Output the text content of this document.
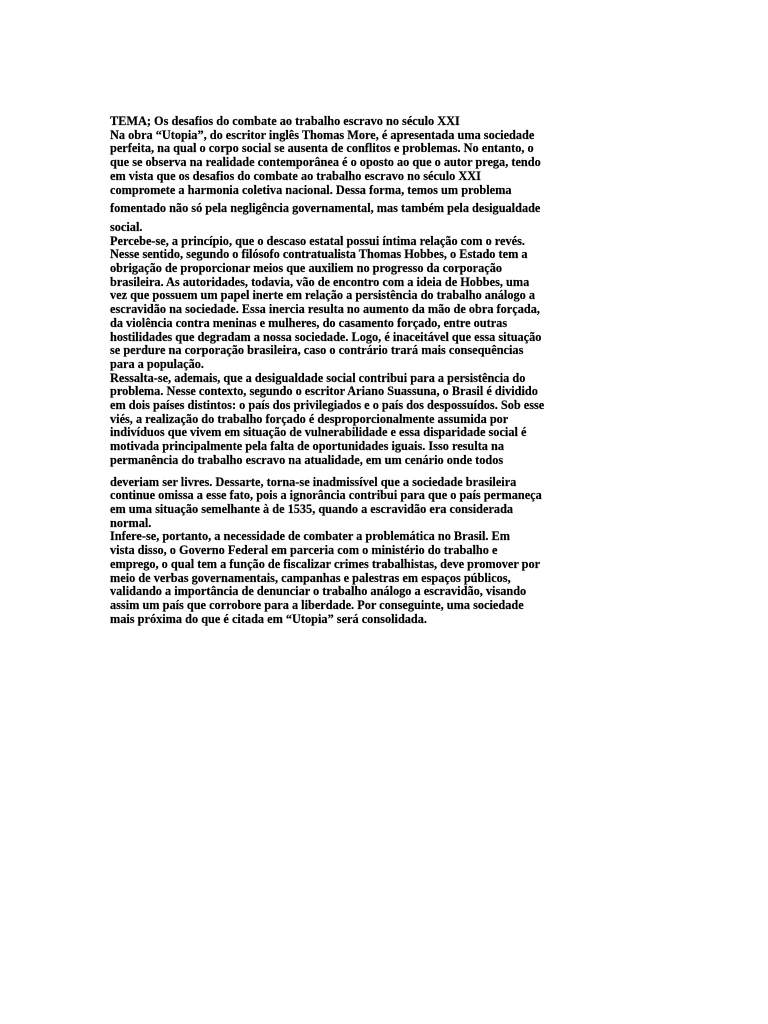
TEMA; Os desafios do combate ao trabalho escravo no século XXI
Na obra “Utopia”, do escritor inglês Thomas More, é apresentada uma sociedade
perfeita, na qual o corpo social se ausenta de conflitos e problemas. No entanto, o
que se observa na realidade contemporânea é o oposto ao que o autor prega, tendo
em vista que os desafios do combate ao trabalho escravo no século XXI
compromete a harmonia coletiva nacional. Dessa forma, temos um problema
fomentado não só pela negligência governamental, mas também pela desigualdade
social.
Percebe-se, a princípio, que o descaso estatal possui íntima relação com o revés.
Nesse sentido, segundo o filósofo contratualista Thomas Hobbes, o Estado tem a
obrigação de proporcionar meios que auxiliem no progresso da corporação
brasileira. As autoridades, todavia, vão de encontro com a ideia de Hobbes, uma
vez que possuem um papel inerte em relação a persistência do trabalho análogo a
escravidão na sociedade. Essa inercia resulta no aumento da mão de obra forçada,
da violência contra meninas e mulheres, do casamento forçado, entre outras
hostilidades que degradam a nossa sociedade. Logo, é inaceitável que essa situação
se perdure na corporação brasileira, caso o contrário trará mais consequências
para a população.
Ressalta-se, ademais, que a desigualdade social contribui para a persistência do
problema. Nesse contexto, segundo o escritor Ariano Suassuna, o Brasil é dividido
em dois países distintos: o país dos privilegiados e o país dos despossuídos. Sob esse
viés, a realização do trabalho forçado é desproporcionalmente assumida por
indivíduos que vivem em situação de vulnerabilidade e essa disparidade social é
motivada principalmente pela falta de oportunidades iguais. Isso resulta na
permanência do trabalho escravo na atualidade, em um cenário onde todos
deveriam ser livres. Dessarte, torna-se inadmissível que a sociedade brasileira
continue omissa a esse fato, pois a ignorância contribui para que o país permaneça
em uma situação semelhante à de 1535, quando a escravidão era considerada
normal.
Infere-se, portanto, a necessidade de combater a problemática no Brasil. Em
vista disso, o Governo Federal em parceria com o ministério do trabalho e
emprego, o qual tem a função de fiscalizar crimes trabalhistas, deve promover por
meio de verbas governamentais, campanhas e palestras em espaços públicos,
validando a importância de denunciar o trabalho análogo a escravidão, visando
assim um país que corrobore para a liberdade. Por conseguinte, uma sociedade
mais próxima do que é citada em “Utopia” será consolidada.
